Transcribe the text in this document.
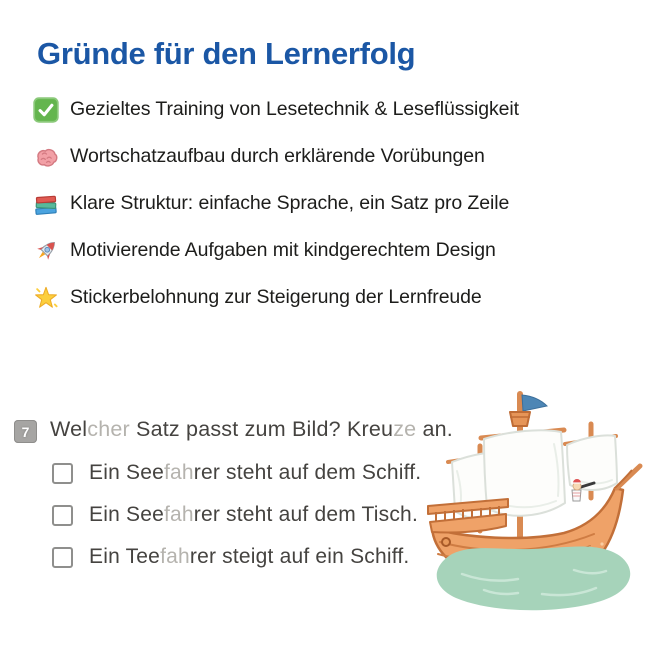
Gründe für den Lernerfolg
Gezieltes Training von Lesetechnik & Leseflüssigkeit
Wortschatzaufbau durch erklärende Vorübungen
Klare Struktur: einfache Sprache, ein Satz pro Zeile
Motivierende Aufgaben mit kindgerechtem Design
Stickerbelohnung zur Steigerung der Lernfreude
7 Welcher Satz passt zum Bild? Kreuze an.

Ein Seefahrer steht auf dem Schiff.
Ein Seefahrer steht auf dem Tisch.
Ein Teefahrer steigt auf ein Schiff.
